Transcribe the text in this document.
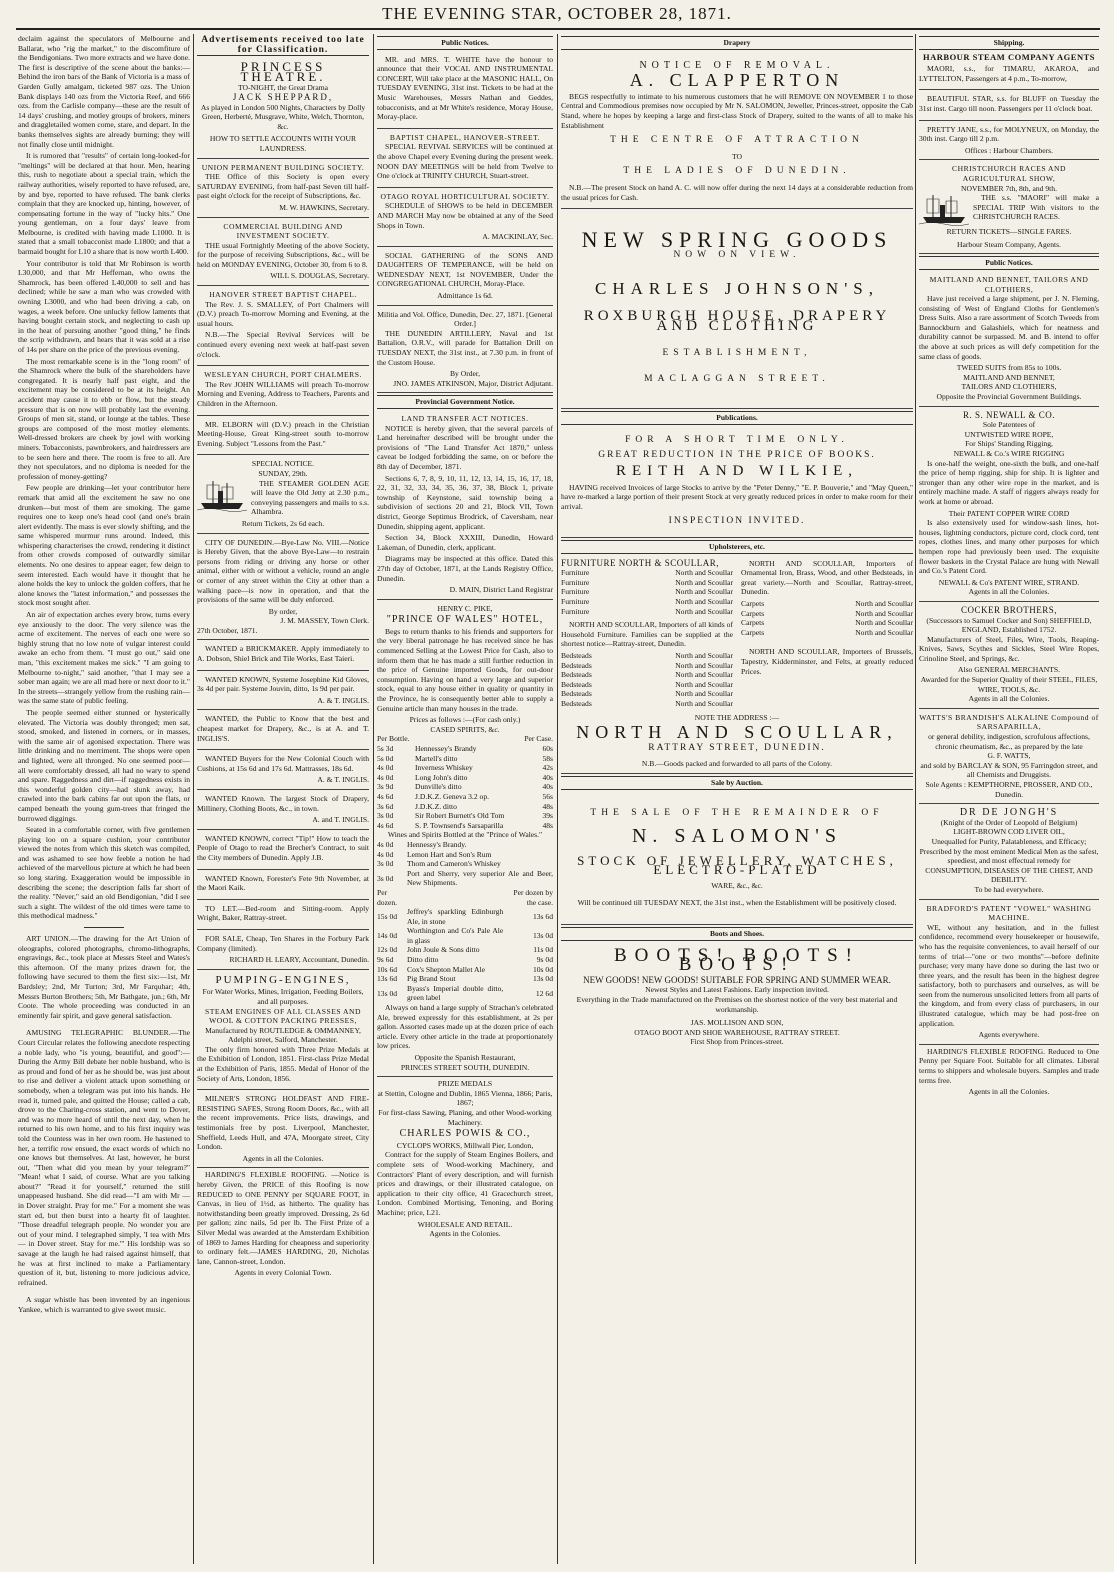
THE EVENING STAR, OCTOBER 28, 1871.

declaim against the speculators of Melbourne and Ballarat, who "rig the market," to the discomfiture of the Bendigonians. Two more extracts and we have done. The first is descriptive of the scene about the banks:—Behind the iron bars of the Bank of Victoria is a mass of Garden Gully amalgam, ticketed 987 ozs. The Union Bank displays 140 ozs from the Victoria Reef, and 666 ozs. from the Carlisle company—these are the result of 14 days' crushing, and motley groups of brokers, miners and draggletailed women come, stare, and depart. In the banks themselves sights are already burning; they will not finally close until midnight.

It is rumored that "results" of certain long-looked-for "meltings" will be declared at that hour. Men, hearing this, rush to negotiate about a special train, which the railway authorities, wisely reported to have refused, are, by and bye, reported to have refused. The bank clerks complain that they are knocked up, hinting, however, of compensating fortune in the way of "lucky hits." One young gentleman, on a four days' leave from Melbourne, is credited with having made L1000. It is stated that a small tobacconist made L1800; and that a barmaid bought for L10 a share that is now worth L400.

Your contributor is told that Mr Robinson is worth L30,000, and that Mr Heffernan, who owns the Shamrock, has been offered L40,000 to sell and has declined; while he saw a man who was crowded with owning L3000, and who had been driving a cab, on wages, a week before. One unlucky fellow laments that having bought certain stock, and neglecting to cash up in the heat of pursuing another "good thing," he finds the scrip withdrawn, and hears that it was sold at a rise of 14s per share on the price of the previous evening.

The most remarkable scene is in the "long room" of the Shamrock where the bulk of the shareholders have congregated. It is nearly half past eight, and the excitement may be considered to be at its height. An accident may cause it to ebb or flow, but the steady pressure that is on now will probably last the evening. Groups of men sit, stand, or lounge at the tables. These groups are composed of the most motley elements. Well-dressed brokers are cheek by jowl with working miners. Tobacconists, pawnbrokers, and hairdressers are to be seen here and there. The room is free to all. Are they not speculators, and no diploma is needed for the profession of money-getting?

Few people are drinking—let your contributor here remark that amid all the excitement he saw no one drunken—but most of them are smoking. The game requires one to keep one's head cool (and one's brain alert evidently. The mass is ever slowly shifting, and the same whispered murmur runs around. Indeed, this whispering characterises the crowd, rendering it distinct from other crowds composed of outwardly similar elements. No one desires to appear eager, few deign to seem interested. Each would have it thought that he alone holds the key to unlock the golden coffers, that he alone knows the "latest information," and possesses the stock most sought after.

An air of expectation arches every brow, turns every eye anxiously to the door. The very silence was the acme of excitement. The nerves of each one were so highly strung that no low note of vulgar interest could awake an echo from them. "I must go out," said one man, "this excitement makes me sick." "I am going to Melbourne to-night," said another, "that I may see a sober man again; we are all mad here or next door to it." In the streets—strangely yellow from the rushing rain—was the same state of public feeling.

The people seemed either stunned or hysterically elevated. The Victoria was doubly thronged; men sat, stood, smoked, and listened in corners, or in masses, with the same air of agonised expectation. There was little drinking and no merriment. The shops were open and lighted, were all thronged. No one seemed poor—all were comfortably dressed, all had no wary to spend and spare. Raggedness and dirt—if raggedness exists in this wonderful golden city—had slunk away, had crawled into the bark cabins far out upon the flats, or camped beneath the young gum-trees that fringed the burrowed diggings.

Seated in a comfortable corner, with five gentlemen playing loo on a square cushion, your contributor viewed the notes from which this sketch was compiled, and was ashamed to see how feeble a notion he had achieved of the marvellous picture at which he had been so long staring. Exaggeration would be impossible in describing the scene; the description falls far short of the reality. "Never," said an old Bendigonian, "did I see such a sight. The wildest of the old times were tame to this methodical madness."

ART UNION.—The drawing for the Art Union of oleographs, colored photographs, chromo-lithographs, engravings, &c., took place at Messrs Steel and Wates's this afternoon. Of the many prizes drawn for, the following have secured to them the first six:—1st, Mr Bardsley; 2nd, Mr Turton; 3rd, Mr Farquhar; 4th, Messrs Burton Brothers; 5th, Mr Bathgate, jun.; 6th, Mr Coote. The whole proceeding was conducted in an eminently fair spirit, and gave general satisfaction.

AMUSING TELEGRAPHIC BLUNDER.—The Court Circular relates the following anecdote respecting a noble lady, who "is young, beautiful, and good":—During the Army Bill debate her noble husband, who is as proud and fond of her as he should be, was just about to rise and deliver a violent attack upon something or somebody, when a telegram was put into his hands. He read it, turned pale, and quitted the House; called a cab, drove to the Charing-cross station, and went to Dover, and was no more heard of until the next day, when he returned to his own home, and to his first inquiry was told the Countess was in her own room. He hastened to her, a terrific row ensued, the exact words of which no one knows but themselves. At last, however, he burst out, "Then what did you mean by your telegram?" "Mean! what I said, of course. What are you talking about?" "Read it for yourself," returned the still unappeased husband. She did read—"I am with Mr — in Dover straight. Pray for me." For a moment she was start ed, but then burst into a hearty fit of laughter. "Those dreadful telegraph people. No wonder you are out of your mind. I telegraphed simply, 'I tea with Mrs — in Dover street. Stay for me.'" His lordship was so savage at the laugh he had raised against himself, that he was at first inclined to make a Parliamentary question of it, but, listening to more judicious advice, refrained.

A sugar whistle has been invented by an ingenious Yankee, which is warranted to give sweet music.

Advertisements received too late for Classification.
PRINCESS THEATRE.
TO-NIGHT, the Great Drama
JACK SHEPPARD,
As played in London 500 Nights, Characters by Dolly Green, Herberté, Musgrave, White, Welch, Thornton, &c.
HOW TO SETTLE ACCOUNTS WITH YOUR LAUNDRESS.
UNION PERMANENT BUILDING SOCIETY.

THE Office of this Society is open every SATURDAY EVENING, from half-past Seven till half-past eight o'clock for the receipt of Subscriptions, &c.

M. W. HAWKINS, Secretary.
COMMERCIAL BUILDING AND INVESTMENT SOCIETY.

THE usual Fortnightly Meeting of the above Society, for the purpose of receiving Subscriptions, &c., will be held on MONDAY EVENING, October 30, from 6 to 8.

WILL S. DOUGLAS, Secretary.
HANOVER STREET BAPTIST CHAPEL.

The Rev. J. S. SMALLEY, of Port Chalmers will (D.V.) preach To-morrow Morning and Evening, at the usual hours.

N.B.—The Special Revival Services will be continued every evening next week at half-past seven o'clock.

WESLEYAN CHURCH, PORT CHALMERS.

The Rev JOHN WILLIAMS will preach To-morrow Morning and Evening, Address to Teachers, Parents and Children in the Afternoon.

MR. ELBORN will (D.V.) preach in the Christian Meeting-House, Great King-street south to-morrow Evening. Subject "Lessons from the Past."

SPECIAL NOTICE.
SUNDAY, 29th.

THE STEAMER GOLDEN AGE will leave the Old Jetty at 2.30 p.m., conveying passengers and mails to s.s. Alhambra.

Return Tickets, 2s 6d each.

CITY OF DUNEDIN.—Bye-Law No. VIII.—Notice is Hereby Given, that the above Bye-Law—to restrain persons from riding or driving any horse or other animal, either with or without a vehicle, round an angle or corner of any street within the City at other than a walking pace—is now in operation, and that the provisions of the same will be duly enforced.

By order,
J. M. MASSEY, Town Clerk.
27th October, 1871.

WANTED a BRICKMAKER. Apply immediately to A. Dobson, Shiel Brick and Tile Works, East Taieri.

WANTED KNOWN, Systeme Josephine Kid Gloves, 3s 4d per pair. Systeme Jouvin, ditto, 1s 9d per pair.

A. & T. INGLIS.

WANTED, the Public to Know that the best and cheapest market for Drapery, &c., is at A. and T. INGLIS'S.

WANTED Buyers for the New Colonial Couch with Cushions, at 15s 6d and 17s 6d. Mattrasses, 18s 6d.

A. & T. INGLIS.

WANTED Known. The largest Stock of Drapery, Millinery, Clothing Boots, &c., in town.

A. and T. INGLIS.

WANTED KNOWN, correct "Tip!" How to teach the People of Otago to read the Brecher's Contract, to suit the City members of Dunedin. Apply J.B.

WANTED Known, Forester's Fete 9th November, at the Maori Kaik.

TO LET.—Bed-room and Sitting-room. Apply Wright, Baker, Rattray-street.

FOR SALE, Cheap, Ten Shares in the Forbury Park Company (limited).

RICHARD H. LEARY, Accountant, Dunedin.
PUMPING-ENGINES,
For Water Works, Mines, Irrigation, Feeding Boilers, and all purposes.
STEAM ENGINES OF ALL CLASSES AND WOOL & COTTON PACKING PRESSES,
Manufactured by ROUTLEDGE & OMMANNEY, Adelphi street, Salford, Manchester.

The only firm honored with Three Prize Medals at the Exhibition of London, 1851. First-class Prize Medal at the Exhibition of Paris, 1855. Medal of Honor of the Society of Arts, London, 1856.

MILNER'S STRONG HOLDFAST AND FIRE-RESISTING SAFES, Strong Room Doors, &c., with all the recent improvements. Price lists, drawings, and testimonials free by post. Liverpool, Manchester, Sheffield, Leeds Hull, and 47A, Moorgate street, City London.

Agents in all the Colonies.

HARDING'S FLEXIBLE ROOFING. —Notice is hereby Given, the PRICE of this Roofing is now REDUCED to ONE PENNY per SQUARE FOOT, in Canvas, in lieu of 1½d, as hitherto. The quality has notwithstanding been greatly improved. Dressing, 2s 6d per gallon; zinc nails, 5d per lb. The First Prize of a Silver Medal was awarded at the Amsterdam Exhibition of 1869 to James Harding for cheapness and superiority to ordinary felt.—JAMES HARDING, 20, Nicholas lane, Cannon-street, London.

Agents in every Colonial Town.
Public Notices.

MR. and MRS. T. WHITE have the honour to announce that their VOCAL AND INSTRUMENTAL CONCERT, Will take place at the MASONIC HALL, On TUESDAY EVENING, 31st inst. Tickets to be had at the Music Warehouses, Messrs Nathan and Geddes, tobacconists, and at Mr White's residence, Moray House, Moray-place.

BAPTIST CHAPEL, HANOVER-STREET.

SPECIAL REVIVAL SERVICES will be continued at the above Chapel every Evening during the present week. NOON DAY MEETINGS will be held from Twelve to One o'clock at TRINITY CHURCH, Stuart-street.

OTAGO ROYAL HORTICULTURAL SOCIETY.

SCHEDULE of SHOWS to be held in DECEMBER AND MARCH May now be obtained at any of the Seed Shops in Town.

A. MACKINLAY, Sec.

SOCIAL GATHERING of the SONS AND DAUGHTERS OF TEMPERANCE, will be held on WEDNESDAY NEXT, 1st NOVEMBER, Under the CONGREGATIONAL CHURCH, Moray-Place.

Admittance 1s 6d.
Militia and Vol. Office, Dunedin, Dec. 27, 1871. [General Order.]

THE DUNEDIN ARTILLERY, Naval and 1st Battalion, O.R.V., will parade for Battalion Drill on TUESDAY NEXT, the 31st inst., at 7.30 p.m. in front of the Custom House.

By Order,
JNO. JAMES ATKINSON, Major, District Adjutant.
Provincial Government Notice.
LAND TRANSFER ACT NOTICES.

NOTICE is hereby given, that the several parcels of Land hereinafter described will be brought under the provisions of "The Land Transfer Act 1870," unless caveat be lodged forbidding the same, on or before the 8th day of December, 1871.

Sections 6, 7, 8, 9, 10, 11, 12, 13, 14, 15, 16, 17, 18, 22, 31, 32, 33, 34, 35, 36, 37, 38, Block 1, private township of Keynstone, said township being a subdivision of sections 20 and 21, Block VII, Town district, George Septimus Brodrick, of Caversham, near Dunedin, shipping agent, applicant.

Section 34, Block XXXIII, Dunedin, Howard Lakeman, of Dunedin, clerk, applicant.

Diagrams may be inspected at this office. Dated this 27th day of October, 1871, at the Lands Registry Office, Dunedin.

D. MAIN, District Land Registrar
HENRY C. PIKE,
"PRINCE OF WALES" HOTEL,

Begs to return thanks to his friends and supporters for the very liberal patronage he has received since he has commenced Selling at the Lowest Price for Cash, also to inform them that he has made a still further reduction in the price of Genuine imported Goods, for out-door consumption. Having on hand a very large and superior stock, equal to any house either in quality or quantity in the Province, he is consequently better able to supply a Genuine article than many houses in the trade.

Prices as follows :—(For cash only.)
CASED SPIRITS, &c.
Per Bottle.		Per Case.
5s 3d	Hennessey's Brandy	60s
5s 0d	Martell's ditto	58s
4s 0d	Inverness Whiskey	42s
4s 0d	Long John's ditto	40s
3s 9d	Dunville's ditto	40s
4s 6d	J.D.K.Z. Geneva 3.2 op.	56s
3s 6d	J.D.K.Z. ditto	48s
3s 0d	Sir Robert Burnett's Old Tom	39s
4s 6d	S. P. Townsend's Sarsaparilla	48s
Wines and Spirits Bottled at the "Prince of Wales."
4s 0d	Hennessy's Brandy.
4s 0d	Lemon Hart and Son's Rum
3s 0d	Thom and Cameron's Whiskey
3s 0d	Port and Sherry, very superior Ale and Beer, New Shipments.
Per dozen.		Per dozen by the case.
15s 0d	Jeffrey's sparkling Edinburgh Ale, in stone	13s 6d
14s 0d	Worthington and Co's Pale Ale in glass	13s 0d
12s 0d	John Joule & Sons ditto	11s 0d
9s 6d	Ditto ditto	9s 0d
10s 6d	Cox's Shepton Mallet Ale	10s 0d
13s 6d	Pig Brand Stout	13s 0d
13s 0d	Byass's Imperial double ditto, green label	12 6d

Always on hand a large supply of Strachan's celebrated Ale, brewed expressly for this establishment, at 2s per gallon. Assorted cases made up at the dozen price of each article. Every other article in the trade at proportionately low prices.

Opposite the Spanish Restaurant,
PRINCES STREET SOUTH, DUNEDIN.
PRIZE MEDALS
at Stettin, Cologne and Dublin, 1865 Vienna, 1866; Paris, 1867;
For first-class Sawing, Planing, and other Wood-working Machinery.
CHARLES POWIS & CO.,
CYCLOPS WORKS, Millwall Pier, London,

Contract for the supply of Steam Engines Boilers, and complete sets of Wood-working Machinery, and Contractors' Plant of every description, and will furnish prices and drawings, or their illustrated catalogue, on application to their city office, 41 Gracechurch street, London. Combined Mortising, Tenoning, and Boring Machine; price, L21.

WHOLESALE AND RETAIL.
Agents in the Colonies.
Drapery
NOTICE OF REMOVAL.
A. CLAPPERTON

BEGS respectfully to intimate to his numerous customers that he will REMOVE ON NOVEMBER 1 to those Central and Commodious premises now occupied by Mr N. SALOMON, Jeweller, Princes-street, opposite the Cab Stand, where he hopes by keeping a large and first-class Stock of Drapery, suited to the wants of all to make his Establishment

THE CENTRE OF ATTRACTION
TO
THE LADIES OF DUNEDIN.

N.B.—The present Stock on hand A. C. will now offer during the next 14 days at a considerable reduction from the usual prices for Cash.

NEW SPRING GOODS
NOW ON VIEW.
CHARLES JOHNSON'S,
ROXBURGH HOUSE, DRAPERY AND CLOTHING
ESTABLISHMENT,
MACLAGGAN STREET.
Publications.
FOR A SHORT TIME ONLY.
GREAT REDUCTION IN THE PRICE OF BOOKS.
REITH AND WILKIE,

HAVING received Invoices of large Stocks to arrive by the "Peter Denny," "E. P. Bouverie," and "May Queen," have re-marked a large portion of their present Stock at very greatly reduced prices in order to make room for their arrival.

INSPECTION INVITED.
Upholsterers, etc.
FURNITURE NORTH & SCOULLAR,
Furniture	North and Scoullar
Furniture	North and Scoullar
Furniture	North and Scoullar
Furniture	North and Scoullar
Furniture	North and Scoullar

NORTH AND SCOULLAR, Importers of all kinds of Household Furniture. Families can be supplied at the shortest notice—Rattray-street, Dunedin.

Bedsteads	North and Scoullar
Bedsteads	North and Scoullar
Bedsteads	North and Scoullar
Bedsteads	North and Scoullar
Bedsteads	North and Scoullar
Bedsteads	North and Scoullar

NORTH AND SCOULLAR, Importers of Ornamental Iron, Brass, Wood, and other Bedsteads, in great variety.—North and Scoullar, Rattray-street, Dunedin.

Carpets	North and Scoullar
Carpets	North and Scoullar
Carpets	North and Scoullar
Carpets	North and Scoullar

NORTH AND SCOULLAR, Importers of Brussels, Tapestry, Kidderminster, and Felts, at greatly reduced Prices.

NOTE THE ADDRESS :—
NORTH AND SCOULLAR,
RATTRAY STREET, DUNEDIN.
N.B.—Goods packed and forwarded to all parts of the Colony.
Sale by Auction.
THE SALE OF THE REMAINDER OF
N. SALOMON'S
STOCK OF JEWELLERY, WATCHES, ELECTRO-PLATED
WARE, &c., &c.
Will be continued till TUESDAY NEXT, the 31st inst., when the Establishment will be positively closed.
Boots and Shoes.
BOOTS! BOOTS! BOOTS!
NEW GOODS! NEW GOODS! SUITABLE FOR SPRING AND SUMMER WEAR.
Newest Styles and Latest Fashions. Early inspection invited.
Everything in the Trade manufactured on the Premises on the shortest notice of the very best material and workmanship.
JAS. MOLLISON AND SON,
OTAGO BOOT AND SHOE WAREHOUSE, RATTRAY STREET.
First Shop from Princes-street.
Shipping.
HARBOUR STEAM COMPANY AGENTS

MAORI, s.s., for TIMARU, AKAROA, and LYTTELTON, Passengers at 4 p.m., To-morrow,

BEAUTIFUL STAR, s.s. for BLUFF on Tuesday the 31st inst. Cargo till noon. Passengers per 11 o'clock boat.

PRETTY JANE, s.s., for MOLYNEUX, on Monday, the 30th inst. Cargo till 2 p.m.

Offices : Harbour Chambers.
CHRISTCHURCH RACES AND AGRICULTURAL SHOW,
NOVEMBER 7th, 8th, and 9th.

THE s.s. "MAORI" will make a SPECIAL TRIP With visitors to the CHRISTCHURCH RACES.

RETURN TICKETS—SINGLE FARES.
Harbour Steam Company, Agents.
Public Notices.
MAITLAND AND BENNET, TAILORS AND CLOTHIERS,

Have just received a large shipment, per J. N. Fleming, consisting of West of England Cloths for Gentlemen's Dress Suits. Also a rare assortment of Scotch Tweeds from Bannockburn and Galashiels, which for neatness and durability cannot be surpassed. M. and B. intend to offer the above at such prices as will defy competition for the same class of goods.

TWEED SUITS from 85s to 100s.
MAITLAND AND BENNET,
TAILORS AND CLOTHIERS,
Opposite the Provincial Government Buildings.
R. S. NEWALL & CO.
Sole Patentees of
UNTWISTED WIRE ROPE,
For Ships' Standing Rigging,
NEWALL & Co.'s WIRE RIGGING

Is one-half the weight, one-sixth the bulk, and one-half the price of hemp rigging, ship for ship. It is lighter and stronger than any other wire rope in the market, and is entirely machine made. A staff of riggers always ready for work at home or abroad.

Their PATENT COPPER WIRE CORD

Is also extensively used for window-sash lines, hot-houses, lightning conductors, picture cord, clock cord, tent ropes, clothes lines, and many other purposes for which hempen rope had previously been used. The exquisite flower baskets in the Crystal Palace are hung with Newall and Co.'s Patent Cord.

NEWALL & Co's PATENT WIRE, STRAND.
Agents in all the Colonies.
COCKER BROTHERS,
(Successors to Samuel Cocker and Son) SHEFFIELD, ENGLAND, Established 1752.

Manufacturers of Steel, Files, Wire, Tools, Reaping-Knives, Saws, Scythes and Sickles, Steel Wire Ropes, Crinoline Steel, and Springs, &c.

Also GENERAL MERCHANTS.
Awarded for the Superior Quality of their STEEL, FILES, WIRE, TOOLS, &c.
Agents in all the Colonies.
WATTS'S BRANDISH'S ALKALINE Compound of SARSAPARILLA,
or general debility, indigestion, scrofulous affections, chronic rheumatism, &c., as prepared by the late
G. F. WATTS,
and sold by BARCLAY & SON, 95 Farringdon street, and all Chemists and Druggists.
Sole Agents : KEMPTHORNE, PROSSER, AND CO., Dunedin.
DR DE JONGH'S
(Knight of the Order of Leopold of Belgium)
LIGHT-BROWN COD LIVER OIL,
Unequalled for Purity, Palatableness, and Efficacy;
Prescribed by the most eminent Medical Men as the safest, speediest, and most effectual remedy for
CONSUMPTION, DISEASES OF THE CHEST, AND DEBILITY.
To be had everywhere.
BRADFORD'S PATENT "VOWEL" WASHING MACHINE.

WE, without any hesitation, and in the fullest confidence, recommend every housekeeper or housewife, who has the requisite conveniences, to avail herself of our terms of trial—"one or two months"—before definite purchase; very many have done so during the last two or three years, and the result has been in the highest degree satisfactory, both to purchasers and ourselves, as will be seen from the numerous unsolicited letters from all parts of the kingdom, and from every class of purchasers, in our illustrated catalogue, which may be had post-free on application.

Agents everywhere.

HARDING'S FLEXIBLE ROOFING. Reduced to One Penny per Square Foot. Suitable for all climates. Liberal terms to shippers and wholesale buyers. Samples and trade terms free.

Agents in all the Colonies.
